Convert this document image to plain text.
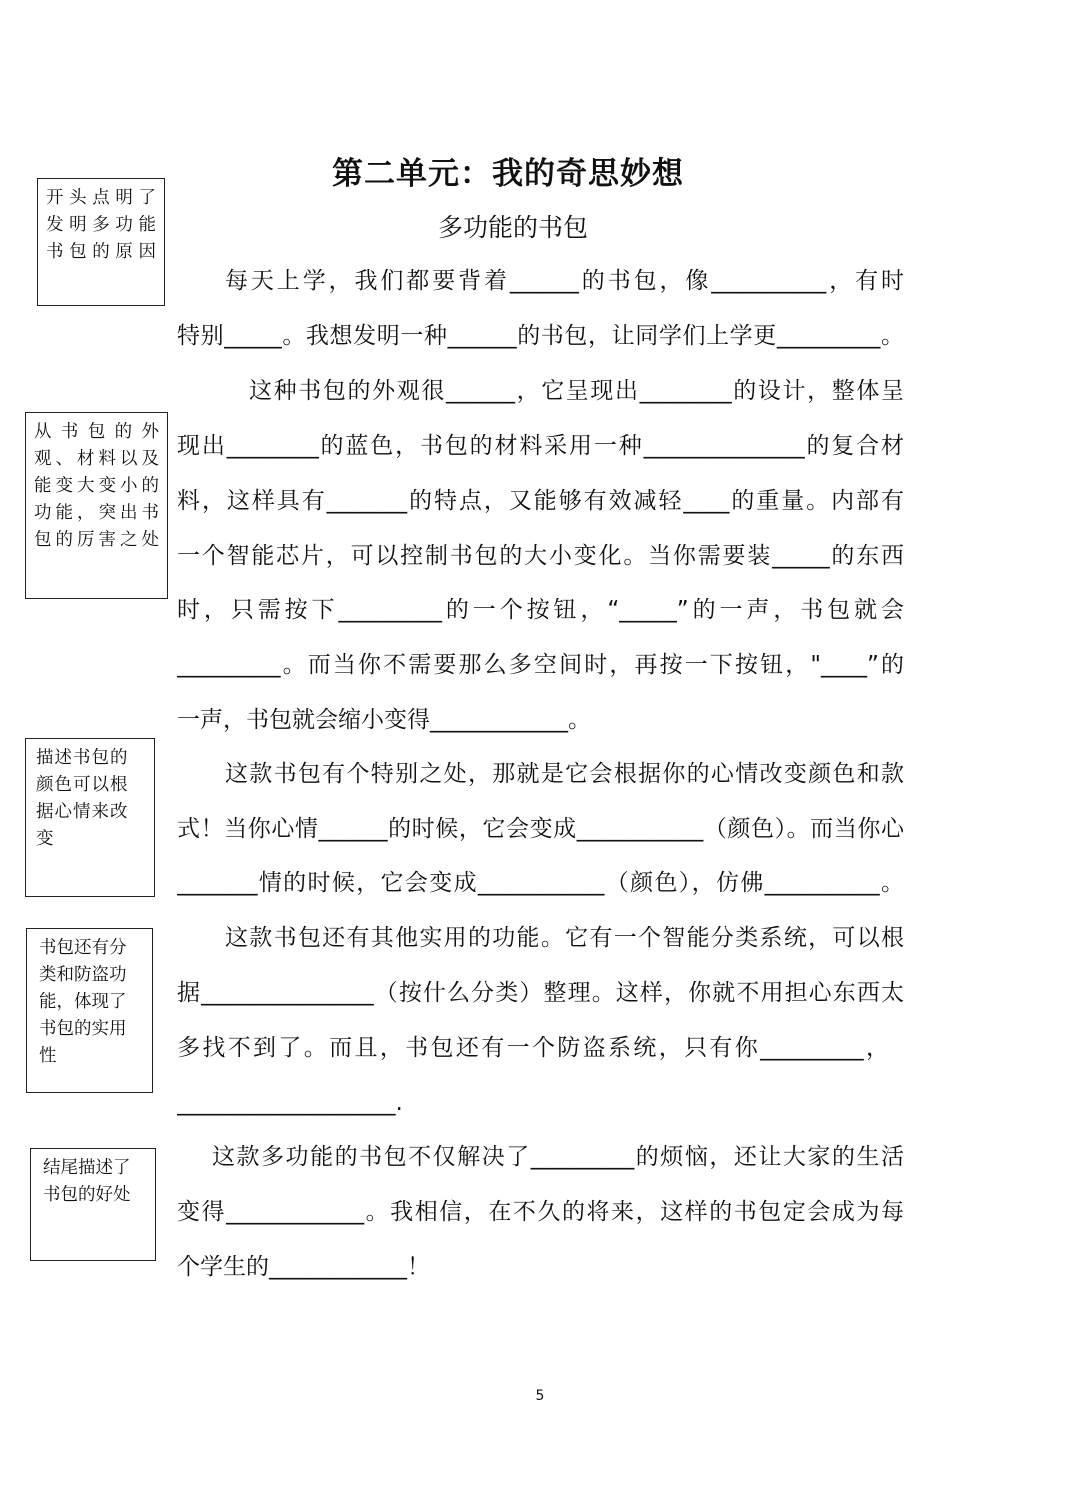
第二单元：我的奇思妙想
多功能的书包
开头点明了
发明多功能
书包的原因
从书包的外
观、材料以及
能变大变小的
功能，突出书
包的厉害之处
描述书包的
颜色可以根
据心情来改
变
书包还有分
类和防盗功
能，体现了
书包的实用
性
结尾描述了
书包的好处
每天上学，我们都要背着______的书包，像__________，有时
特别_____。我想发明一种______的书包，让同学们上学更_________。
这种书包的外观很______，它呈现出________的设计，整体呈
现出________的蓝色，书包的材料采用一种______________的复合材
料，这样具有_______的特点，又能够有效减轻____的重量。内部有
一个智能芯片，可以控制书包的大小变化。当你需要装_____的东西
时，只需按下_________的一个按钮，“_____”的一声，书包就会
_________。而当你不需要那么多空间时，再按一下按钮，"____”的
一声，书包就会缩小变得____________。
这款书包有个特别之处，那就是它会根据你的心情改变颜色和款
式！当你心情______的时候，它会变成___________（颜色）。而当你心
_______情的时候，它会变成___________（颜色），仿佛__________。
这款书包还有其他实用的功能。它有一个智能分类系统，可以根
据_______________（按什么分类）整理。这样，你就不用担心东西太
多找不到了。而且，书包还有一个防盗系统，只有你_________，
___________________.
这款多功能的书包不仅解决了_________的烦恼，还让大家的生活
变得____________。我相信，在不久的将来，这样的书包定会成为每
个学生的____________！
5
